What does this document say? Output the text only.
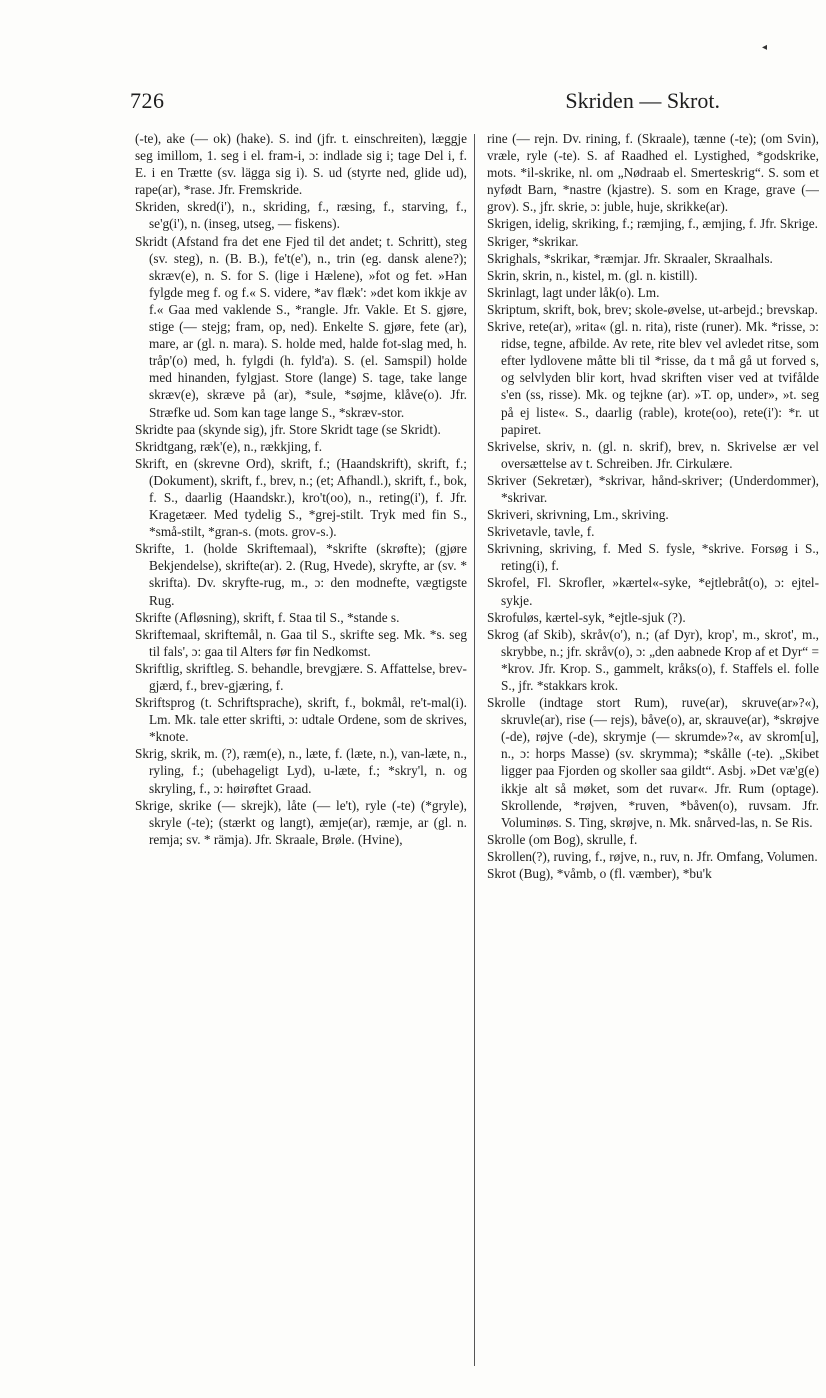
◂
726	Skriden — Skrot.

(-te), ake (— ok) (hake). S. ind (jfr. t. einschreiten), læggje seg imillom, 1. seg i el. fram-i, ɔ: indlade sig i; tage Del i, f. E. i en Trætte (sv. lägga sig i). S. ud (styrte ned, glide ud), rape(ar), *rase. Jfr. Fremskride.

Skriden, skred(i'), n., skriding, f., ræsing, f., starving, f., se'g(i'), n. (inseg, utseg, — fiskens).

Skridt (Afstand fra det ene Fjed til det andet; t. Schritt), steg (sv. steg), n. (B. B.), fe't(e'), n., trin (eg. dansk alene?); skræv(e), n. S. for S. (lige i Hælene), »fot og fet. »Han fylgde meg f. og f.« S. videre, *av flæk': »det kom ikkje av f.« Gaa med vaklende S., *rangle. Jfr. Vakle. Et S. gjøre, stige (— stejg; fram, op, ned). Enkelte S. gjøre, fete (ar), mare, ar (gl. n. mara). S. holde med, halde fot-slag med, h. tråp'(o) med, h. fylgdi (h. fyld'a). S. (el. Samspil) holde med hinanden, fylgjast. Store (lange) S. tage, take lange skræv(e), skræve på (ar), *sule, *søjme, klåve(o). Jfr. Stræfke ud. Som kan tage lange S., *skræv-stor.

Skridte paa (skynde sig), jfr. Store Skridt tage (se Skridt).

Skridtgang, ræk'(e), n., rækkjing, f.

Skrift, en (skrevne Ord), skrift, f.; (Haandskrift), skrift, f.; (Dokument), skrift, f., brev, n.; (et; Afhandl.), skrift, f., bok, f. S., daarlig (Haandskr.), kro't(oo), n., reting(i'), f. Jfr. Kragetæer. Med tydelig S., *grej-stilt. Tryk med fin S., *små-stilt, *gran-s. (mots. grov-s.).

Skrifte, 1. (holde Skriftemaal), *skrifte (skrøfte); (gjøre Bekjendelse), skrifte(ar). 2. (Rug, Hvede), skryfte, ar (sv. * skrifta). Dv. skryfte-rug, m., ɔ: den modnefte, vægtigste Rug.

Skrifte (Afløsning), skrift, f. Staa til S., *stande s.

Skriftemaal, skriftemål, n. Gaa til S., skrifte seg. Mk. *s. seg til fals', ɔ: gaa til Alters før fin Nedkomst.

Skriftlig, skriftleg. S. behandle, brevgjære. S. Affattelse, brev-gjærd, f., brev-gjæring, f.

Skriftsprog (t. Schriftsprache), skrift, f., bokmål, re't-mal(i). Lm. Mk. tale etter skrifti, ɔ: udtale Ordene, som de skrives, *knote.

Skrig, skrik, m. (?), ræm(e), n., læte, f. (læte, n.), van-læte, n., ryling, f.; (ubehageligt Lyd), u-læte, f.; *skry'l, n. og skryling, f., ɔ: høirøftet Graad.

Skrige, skrike (— skrejk), låte (— le't), ryle (-te) (*gryle), skryle (-te); (stærkt og langt), æmje(ar), ræmje, ar (gl. n. remja; sv. * rämja). Jfr. Skraale, Brøle. (Hvine),

rine (— rejn. Dv. rining, f. (Skraale), tænne (-te); (om Svin), vræle, ryle (-te). S. af Raadhed el. Lystighed, *godskrike, mots. *il-skrike, nl. om „Nødraab el. Smerteskrig“. S. som et nyfødt Barn, *nastre (kjastre). S. som en Krage, grave (— grov). S., jfr. skrie, ɔ: juble, huje, skrikke(ar).

Skrigen, idelig, skriking, f.; ræmjing, f., æmjing, f. Jfr. Skrige.

Skriger, *skrikar.

Skrighals, *skrikar, *ræmjar. Jfr. Skraaler, Skraalhals.

Skrin, skrin, n., kistel, m. (gl. n. kistill).

Skrinlagt, lagt under låk(o). Lm.

Skriptum, skrift, bok, brev; skole-øvelse, ut-arbejd.; brevskap.

Skrive, rete(ar), »rita« (gl. n. rita), riste (runer). Mk. *risse, ɔ: ridse, tegne, afbilde. Av rete, rite blev vel avledet ritse, som efter lydlovene måtte bli til *risse, da t må gå ut forved s, og selvlyden blir kort, hvad skriften viser ved at tvifålde s'en (ss, risse). Mk. og tejkne (ar). »T. op, under», »t. seg på ej liste«. S., daarlig (rable), krote(oo), rete(i'): *r. ut papiret.

Skrivelse, skriv, n. (gl. n. skrif), brev, n. Skrivelse ær vel oversættelse av t. Schreiben. Jfr. Cirkulære.

Skriver (Sekretær), *skrivar, hånd-skriver; (Underdommer), *skrivar.

Skriveri, skrivning, Lm., skriving.

Skrivetavle, tavle, f.

Skrivning, skriving, f. Med S. fysle, *skrive. Forsøg i S., reting(i), f.

Skrofel, Fl. Skrofler, »kærtel«-syke, *ejtlebråt(o), ɔ: ejtel-sykje.

Skrofuløs, kærtel-syk, *ejtle-sjuk (?).

Skrog (af Skib), skråv(o'), n.; (af Dyr), krop', m., skrot', m., skrybbe, n.; jfr. skråv(o), ɔ: „den aabnede Krop af et Dyr“ = *krov. Jfr. Krop. S., gammelt, kråks(o), f. Staffels el. folle S., jfr. *stakkars krok.

Skrolle (indtage stort Rum), ruve(ar), skruve(ar»?«), skruvle(ar), rise (— rejs), båve(o), ar, skrauve(ar), *skrøjve (-de), røjve (-de), skrymje (— skrumde»?«, av skrom[u], n., ɔ: horps Masse) (sv. skrymma); *skålle (-te). „Skibet ligger paa Fjorden og skoller saa gildt“. Asbj. »Det væ'g(e) ikkje alt så møket, som det ruvar«. Jfr. Rum (optage). Skrollende, *røjven, *ruven, *båven(o), ruvsam. Jfr. Voluminøs. S. Ting, skrøjve, n. Mk. snårved-las, n. Se Ris.

Skrolle (om Bog), skrulle, f.

Skrollen(?), ruving, f., røjve, n., ruv, n. Jfr. Omfang, Volumen.

Skrot (Bug), *våmb, o (fl. væmber), *bu'k
